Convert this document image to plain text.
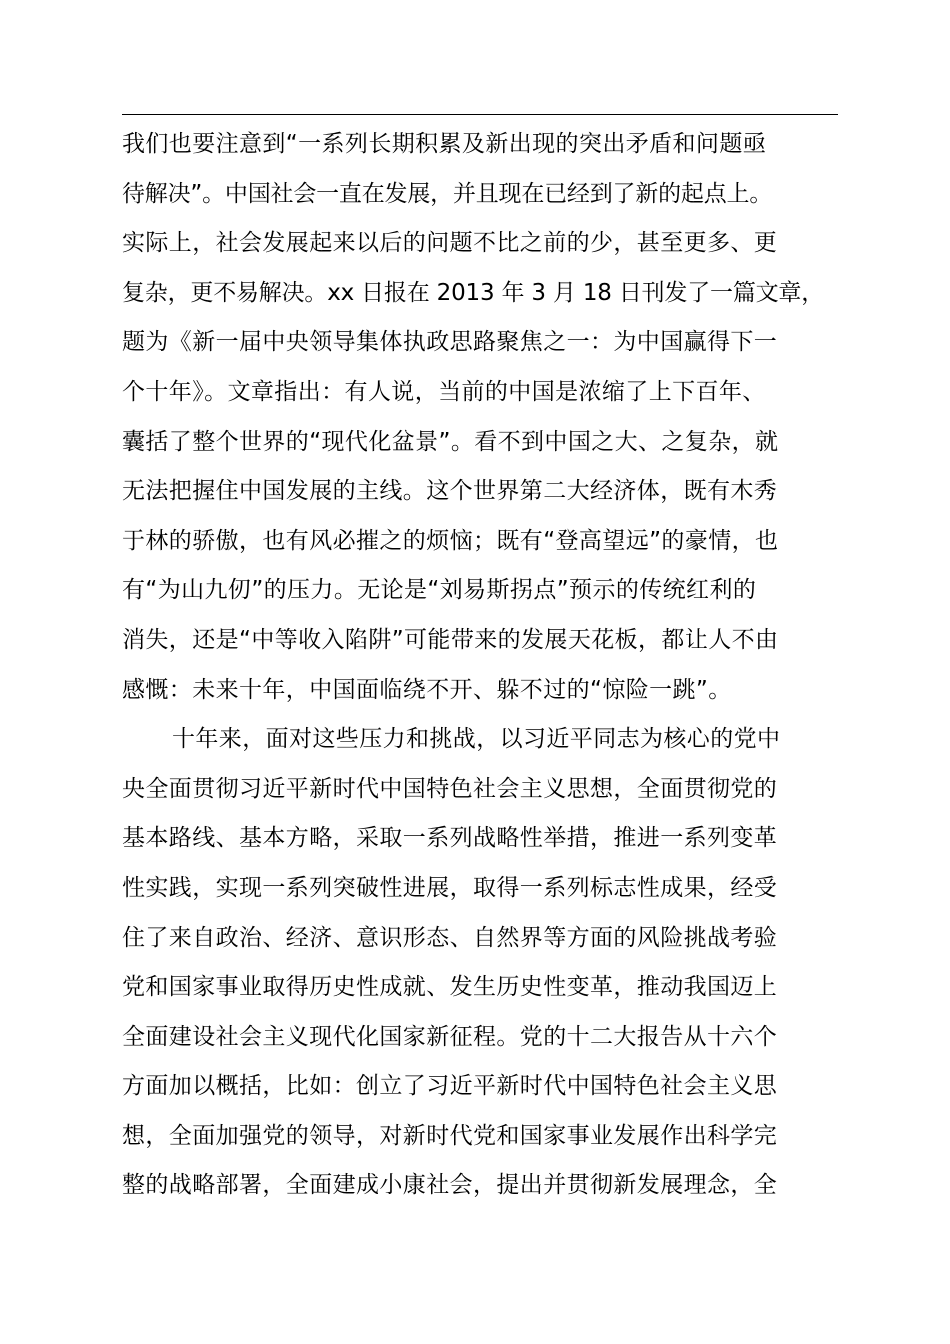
我们也要注意到“一系列长期积累及新出现的突出矛盾和问题亟
待解决”。中国社会一直在发展，并且现在已经到了新的起点上。
实际上，社会发展起来以后的问题不比之前的少，甚至更多、更
复杂，更不易解决。xx 日报在 2013 年 3 月 18 日刊发了一篇文章，
题为《新一届中央领导集体执政思路聚焦之一：为中国赢得下一
个十年》。文章指出：有人说，当前的中国是浓缩了上下百年、
囊括了整个世界的“现代化盆景”。看不到中国之大、之复杂，就
无法把握住中国发展的主线。这个世界第二大经济体，既有木秀
于林的骄傲，也有风必摧之的烦恼；既有“登高望远”的豪情，也
有“为山九仞”的压力。无论是“刘易斯拐点”预示的传统红利的
消失，还是“中等收入陷阱”可能带来的发展天花板，都让人不由
感慨：未来十年，中国面临绕不开、躲不过的“惊险一跳”。
十年来，面对这些压力和挑战，以习近平同志为核心的党中
央全面贯彻习近平新时代中国特色社会主义思想，全面贯彻党的
基本路线、基本方略，采取一系列战略性举措，推进一系列变革
性实践，实现一系列突破性进展，取得一系列标志性成果，经受
住了来自政治、经济、意识形态、自然界等方面的风险挑战考验
党和国家事业取得历史性成就、发生历史性变革，推动我国迈上
全面建设社会主义现代化国家新征程。党的十二大报告从十六个
方面加以概括，比如：创立了习近平新时代中国特色社会主义思
想，全面加强党的领导，对新时代党和国家事业发展作出科学完
整的战略部署，全面建成小康社会，提出并贯彻新发展理念，全
